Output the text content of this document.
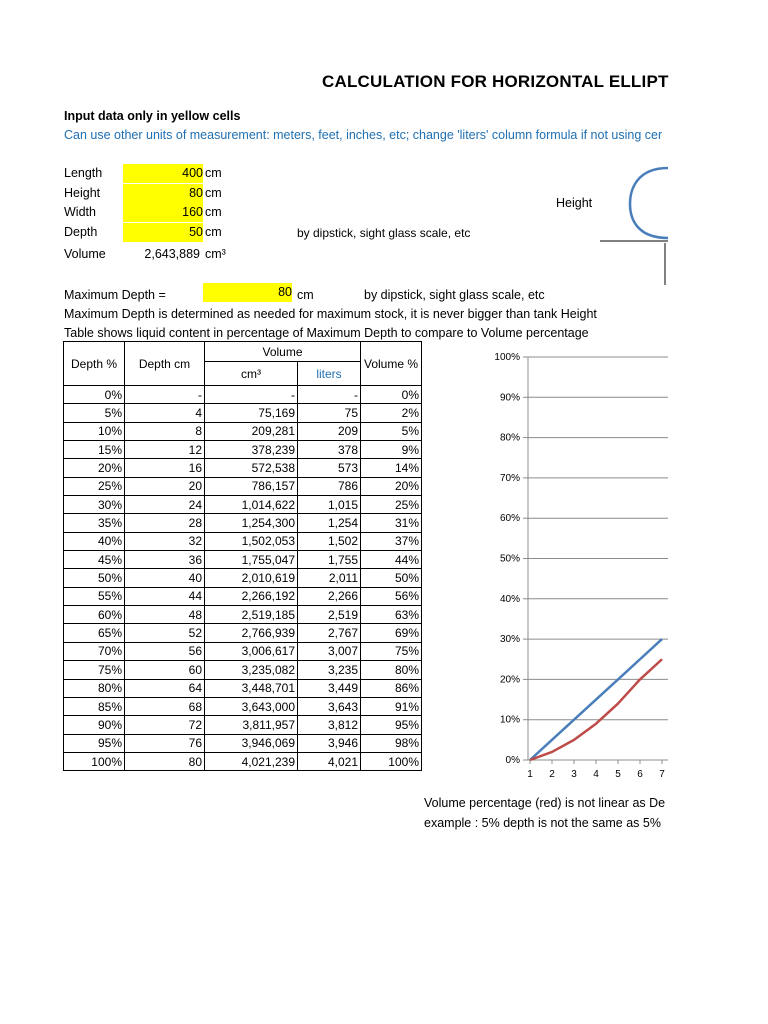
CALCULATION FOR HORIZONTAL ELLIPT
Input data only in yellow cells
Can use other units of measurement: meters, feet, inches, etc; change 'liters' column formula if not using cer
Length	400 cm
Height	80 cm
Width	160 cm
Depth	50 cm	by dipstick, sight glass scale, etc
Volume	2,643,889 cm³
Height
Maximum Depth =	80 cm	by dipstick, sight glass scale, etc
Maximum Depth is determined as needed for maximum stock, it is never bigger than tank Height
Table shows liquid content in percentage of Maximum Depth to compare to Volume percentage
Depth %	Depth cm	Volume		Volume %
		cm³	liters	
0%	-	-	-	0%
5%	4	75,169	75	2%
10%	8	209,281	209	5%
15%	12	378,239	378	9%
20%	16	572,538	573	14%
25%	20	786,157	786	20%
30%	24	1,014,622	1,015	25%
35%	28	1,254,300	1,254	31%
40%	32	1,502,053	1,502	37%
45%	36	1,755,047	1,755	44%
50%	40	2,010,619	2,011	50%
55%	44	2,266,192	2,266	56%
60%	48	2,519,185	2,519	63%
65%	52	2,766,939	2,767	69%
70%	56	3,006,617	3,007	75%
75%	60	3,235,082	3,235	80%
80%	64	3,448,701	3,449	86%
85%	68	3,643,000	3,643	91%
90%	72	3,811,957	3,812	95%
95%	76	3,946,069	3,946	98%
100%	80	4,021,239	4,021	100%	0%
10%
20%
30%
40%
50%
60%
70%
80%
90%
100%
1 2 3 4 5 6 7
Volume percentage (red) is not linear as De
example : 5% depth is not the same as 5%
